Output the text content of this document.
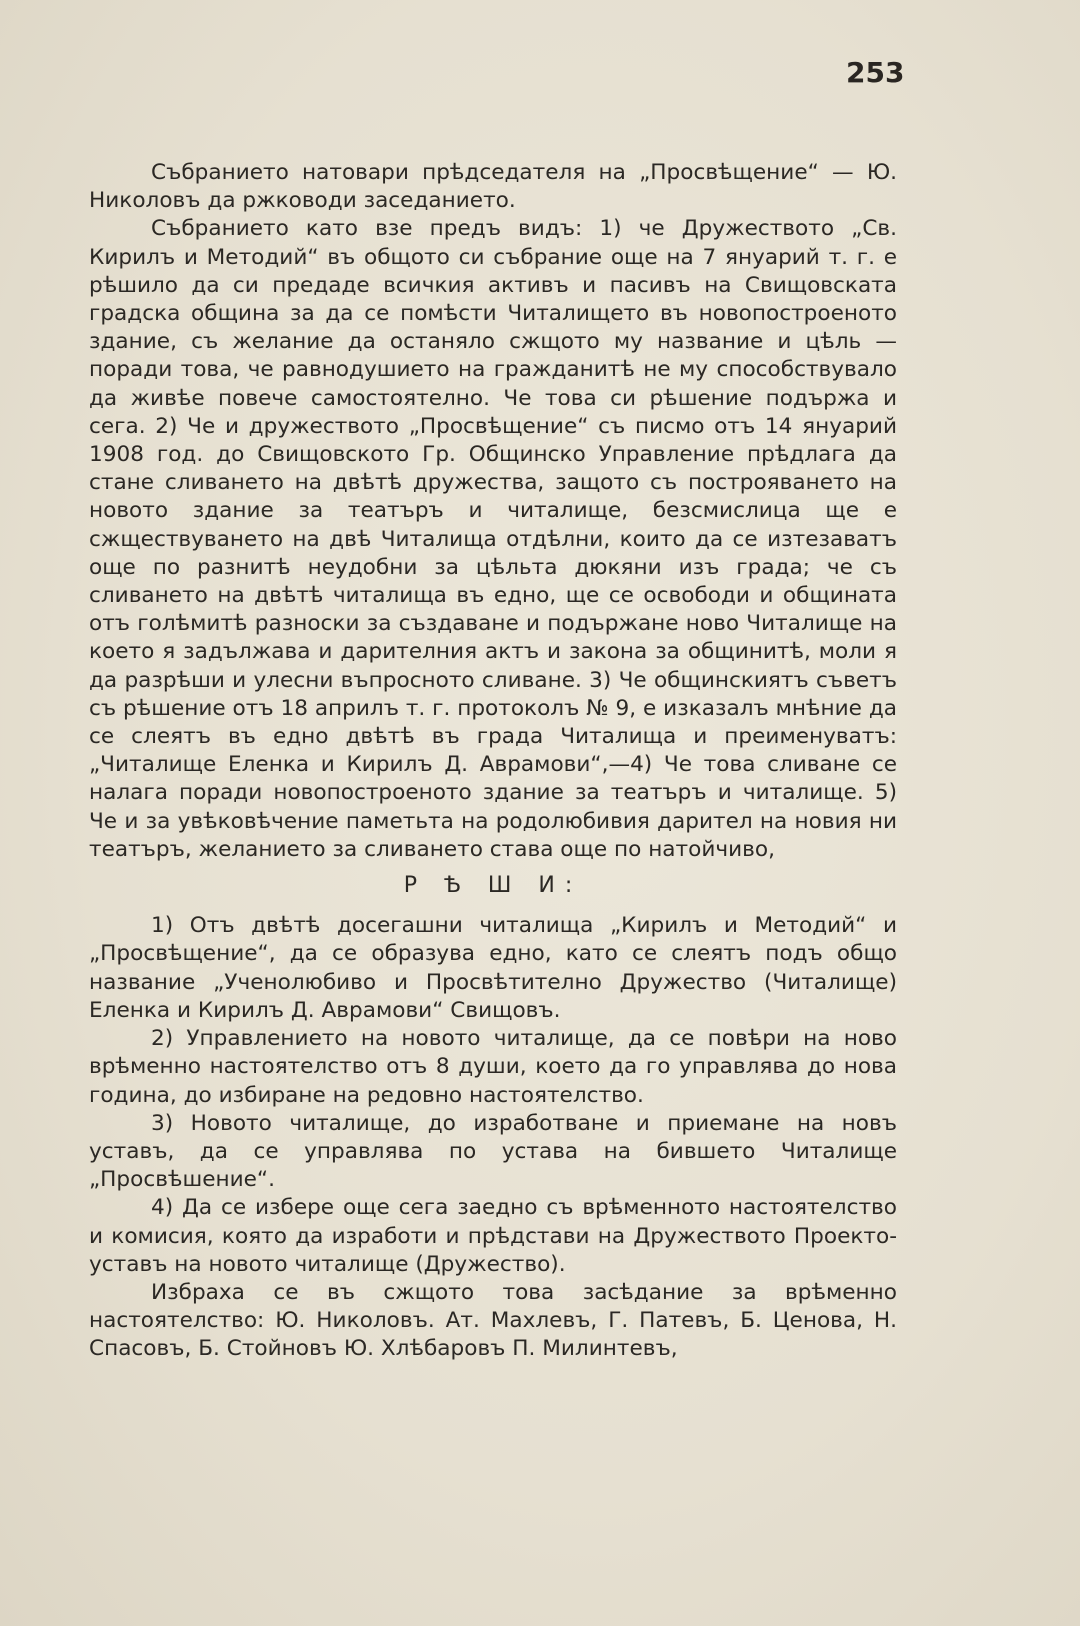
253

Събранието натовари прѣдседателя на „Просвѣщение“ — Ю. Николовъ да ржководи заседанието.

Събранието като взе предъ видъ: 1) че Дружеството „Св. Кирилъ и Методий“ въ общото си събрание още на 7 януарий т. г. е рѣшило да си предаде всичкия активъ и пасивъ на Свищовската градска община за да се помѣсти Читалището въ новопостроеното здание, съ желание да останяло сжщото му название и цѣль — поради това, че равнодушието на гражданитѣ не му способствувало да живѣе повече самостоятелно. Че това си рѣшение подържа и сега. 2) Че и дружеството „Просвѣщение“ съ писмо отъ 14 януарий 1908 год. до Свищовското Гр. Общинско Управление прѣдлага да стане сливането на двѣтѣ дружества, защото съ построяването на новото здание за театъръ и читалище, безсмислица ще е сжществуването на двѣ Читалища отдѣлни, които да се изтезаватъ още по разнитѣ неудобни за цѣльта дюкяни изъ града; че съ сливането на двѣтѣ читалища въ едно, ще се освободи и общината отъ голѣмитѣ разноски за създаване и подържане ново Читалище на което я задължава и дарителния актъ и закона за общинитѣ, моли я да разрѣши и улесни въпросното сливане. 3) Че общинскиятъ съветъ съ рѣшение отъ 18 априлъ т. г. протоколъ № 9, е изказалъ мнѣние да се слеятъ въ едно двѣтѣ въ града Читалища и преименуватъ: „Читалище Еленка и Кирилъ Д. Аврамови“,—4) Че това сливане се налага поради новопостроеното здание за театъръ и читалище. 5) Че и за увѣковѣчение паметьта на родолюбивия дарител на новия ни театъръ, желанието за сливането става още по натойчиво,

Р Ѣ Ш И:

1) Отъ двѣтѣ досегашни читалища „Кирилъ и Методий“ и „Просвѣщение“, да се образува едно, като се слеятъ подъ общо название „Ученолюбиво и Просвѣтително Дружество (Читалище) Еленка и Кирилъ Д. Аврамови“ Свищовъ.

2) Управлението на новото читалище, да се повѣри на ново врѣменно настоятелство отъ 8 души, което да го управлява до нова година, до избиране на редовно настоятелство.

3) Новото читалище, до изработване и приемане на новъ уставъ, да се управлява по устава на бившето Читалище „Просвѣшение“.

4) Да се избере още сега заедно съ врѣменното настоятелство и комисия, която да изработи и прѣдстави на Дружеството Проекто-уставъ на новото читалище (Дружество).

Избраха се въ сжщото това засѣдание за врѣменно настоятелство: Ю. Николовъ. Ат. Махлевъ, Г. Патевъ, Б. Ценова, Н. Спасовъ, Б. Стойновъ Ю. Хлѣбаровъ П. Милинтевъ,
